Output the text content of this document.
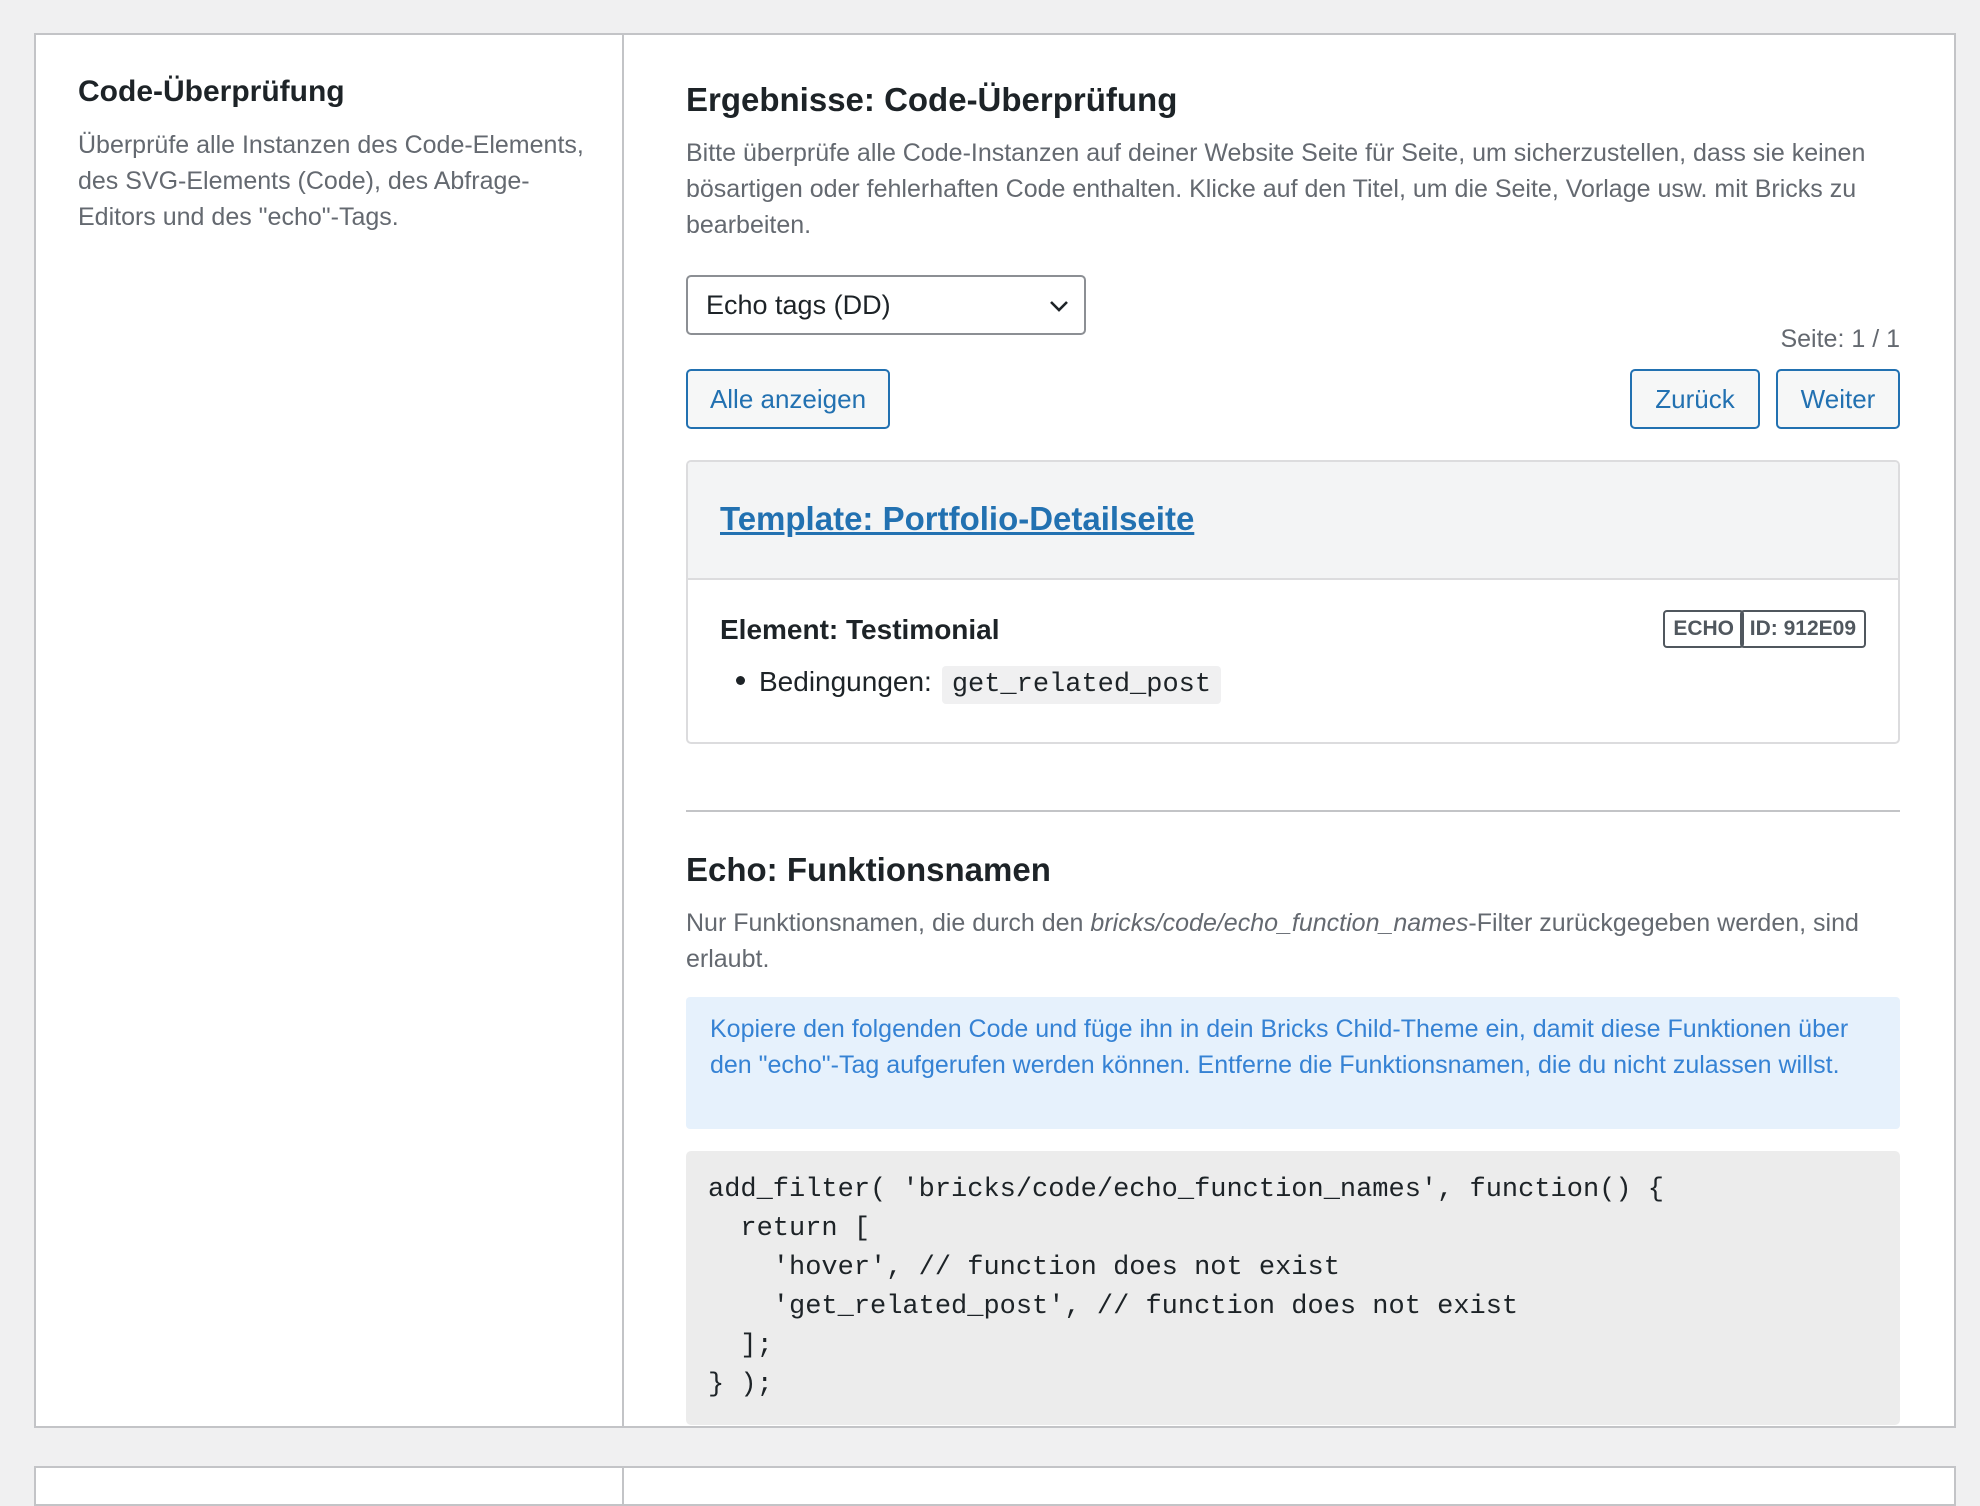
Code-Überprüfung
Überprüfe alle Instanzen des Code-Elements, des SVG-Elements (Code), des Abfrage-Editors und des "echo"-Tags.
Ergebnisse: Code-Überprüfung
Bitte überprüfe alle Code-Instanzen auf deiner Website Seite für Seite, um sicherzustellen, dass sie keinen bösartigen oder fehlerhaften Code enthalten. Klicke auf den Titel, um die Seite, Vorlage usw. mit Bricks zu bearbeiten.
Echo tags (DD)
Seite: 1 / 1
Alle anzeigen	Zurück	Weiter
Template: Portfolio-Detailseite
Element: Testimonial	ECHO ID: 912E09
Bedingungen: get_related_post
Echo: Funktionsnamen
Nur Funktionsnamen, die durch den bricks/code/echo_function_names-Filter zurückgegeben werden, sind erlaubt.
Kopiere den folgenden Code und füge ihn in dein Bricks Child-Theme ein, damit diese Funktionen über den "echo"-Tag aufgerufen werden können. Entferne die Funktionsnamen, die du nicht zulassen willst.
add_filter( 'bricks/code/echo_function_names', function() {
return [
'hover', // function does not exist
'get_related_post', // function does not exist
];
} );
